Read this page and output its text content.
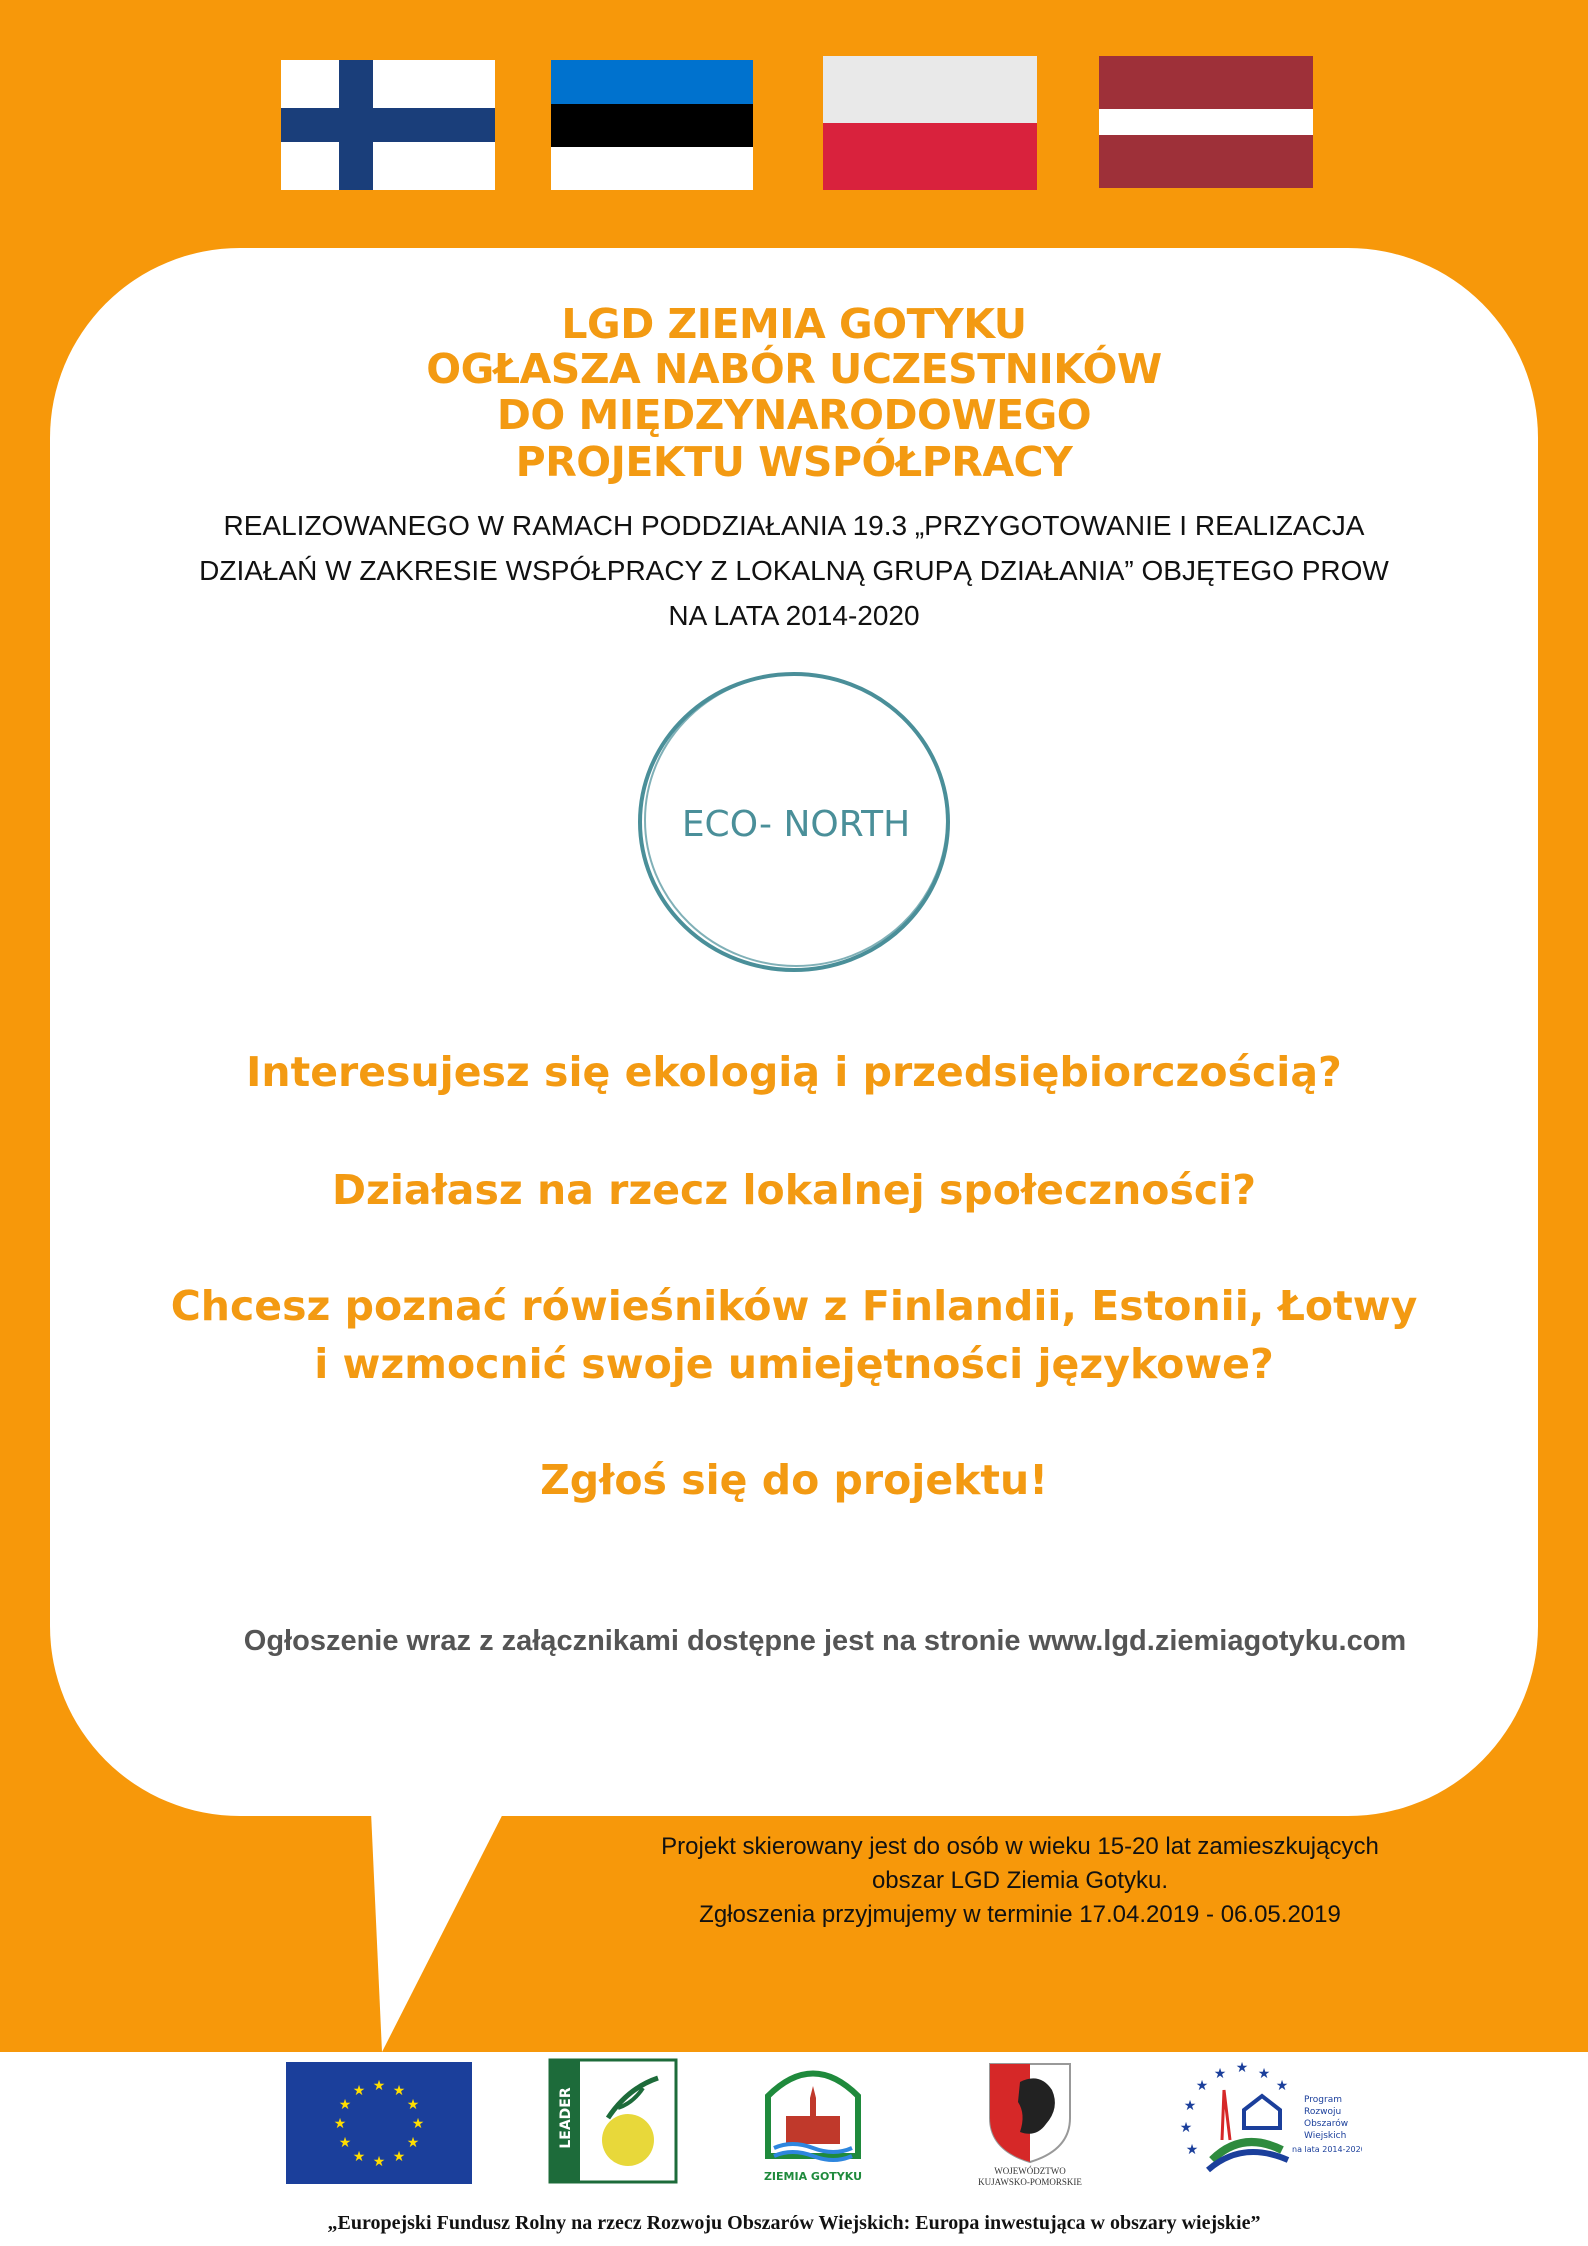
LGD ZIEMIA GOTYKU
OGŁASZA NABÓR UCZESTNIKÓW
DO MIĘDZYNARODOWEGO
PROJEKTU WSPÓŁPRACY
REALIZOWANEGO W RAMACH PODDZIAŁANIA 19.3 „PRZYGOTOWANIE I REALIZACJA
DZIAŁAŃ W ZAKRESIE WSPÓŁPRACY Z LOKALNĄ GRUPĄ DZIAŁANIA” OBJĘTEGO PROW
NA LATA 2014-2020
ECO- NORTH
Interesujesz się ekologią i przedsiębiorczością?
Działasz na rzecz lokalnej społeczności?
Chcesz poznać rówieśników z Finlandii, Estonii, Łotwy
i wzmocnić swoje umiejętności językowe?
Zgłoś się do projektu!
Ogłoszenie wraz z załącznikami dostępne jest na stronie www.lgd.ziemiagotyku.com
Projekt skierowany jest do osób w wieku 15-20 lat zamieszkujących
obszar LGD Ziemia Gotyku.
Zgłoszenia przyjmujemy w terminie 17.04.2019 - 06.05.2019
★ ★
★
★
★
★
★
★
★
★
★
★	LEADER
ZIEMIA GOTYKU	WOJEWÓDZTWO
KUJAWSKO-POMORSKIE
★
★ ★ ★
★
★
★
★
Program
Rozwoju
Obszarów
Wiejskich
na lata 2014-2020
„Europejski Fundusz Rolny na rzecz Rozwoju Obszarów Wiejskich: Europa inwestująca w obszary wiejskie”
